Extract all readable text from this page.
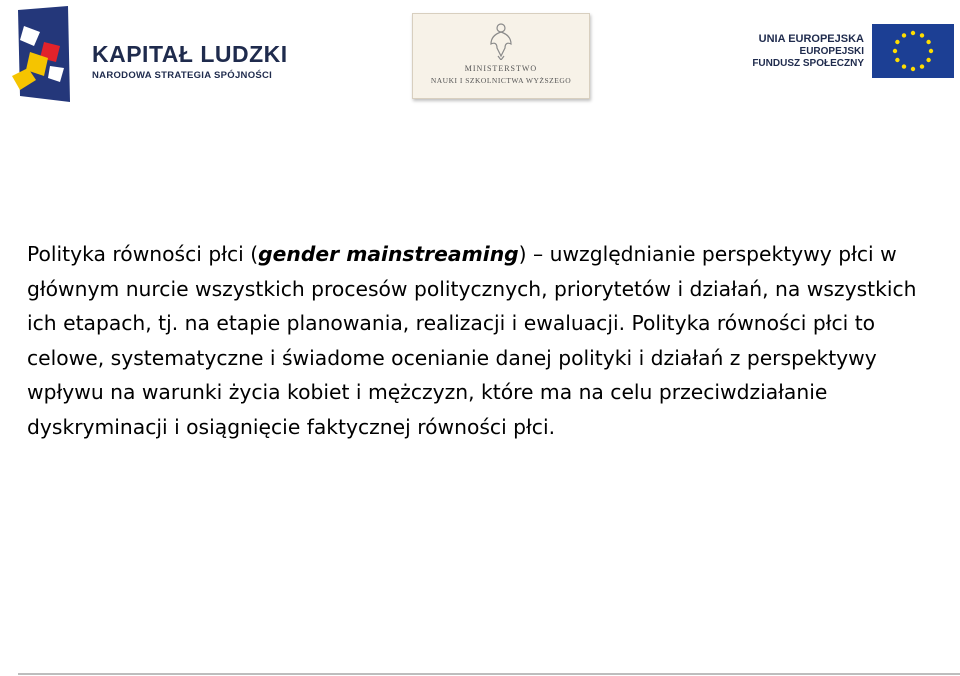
KAPITAŁ LUDZKI
NARODOWA STRATEGIA SPÓJNOŚCI
MINISTERSTWO
NAUKI I SZKOLNICTWA WYŻSZEGO
UNIA EUROPEJSKA
EUROPEJSKI
FUNDUSZ SPOŁECZNY

Polityka równości płci (gender mainstreaming) – uwzględnianie perspektywy płci w głównym nurcie wszystkich procesów politycznych, priorytetów i działań, na wszystkich ich etapach, tj. na etapie planowania, realizacji i ewaluacji. Polityka równości płci to celowe, systematyczne i świadome ocenianie danej polityki i działań z perspektywy wpływu na warunki życia kobiet i mężczyzn, które ma na celu przeciwdziałanie dyskryminacji i osiągnięcie faktycznej równości płci.
